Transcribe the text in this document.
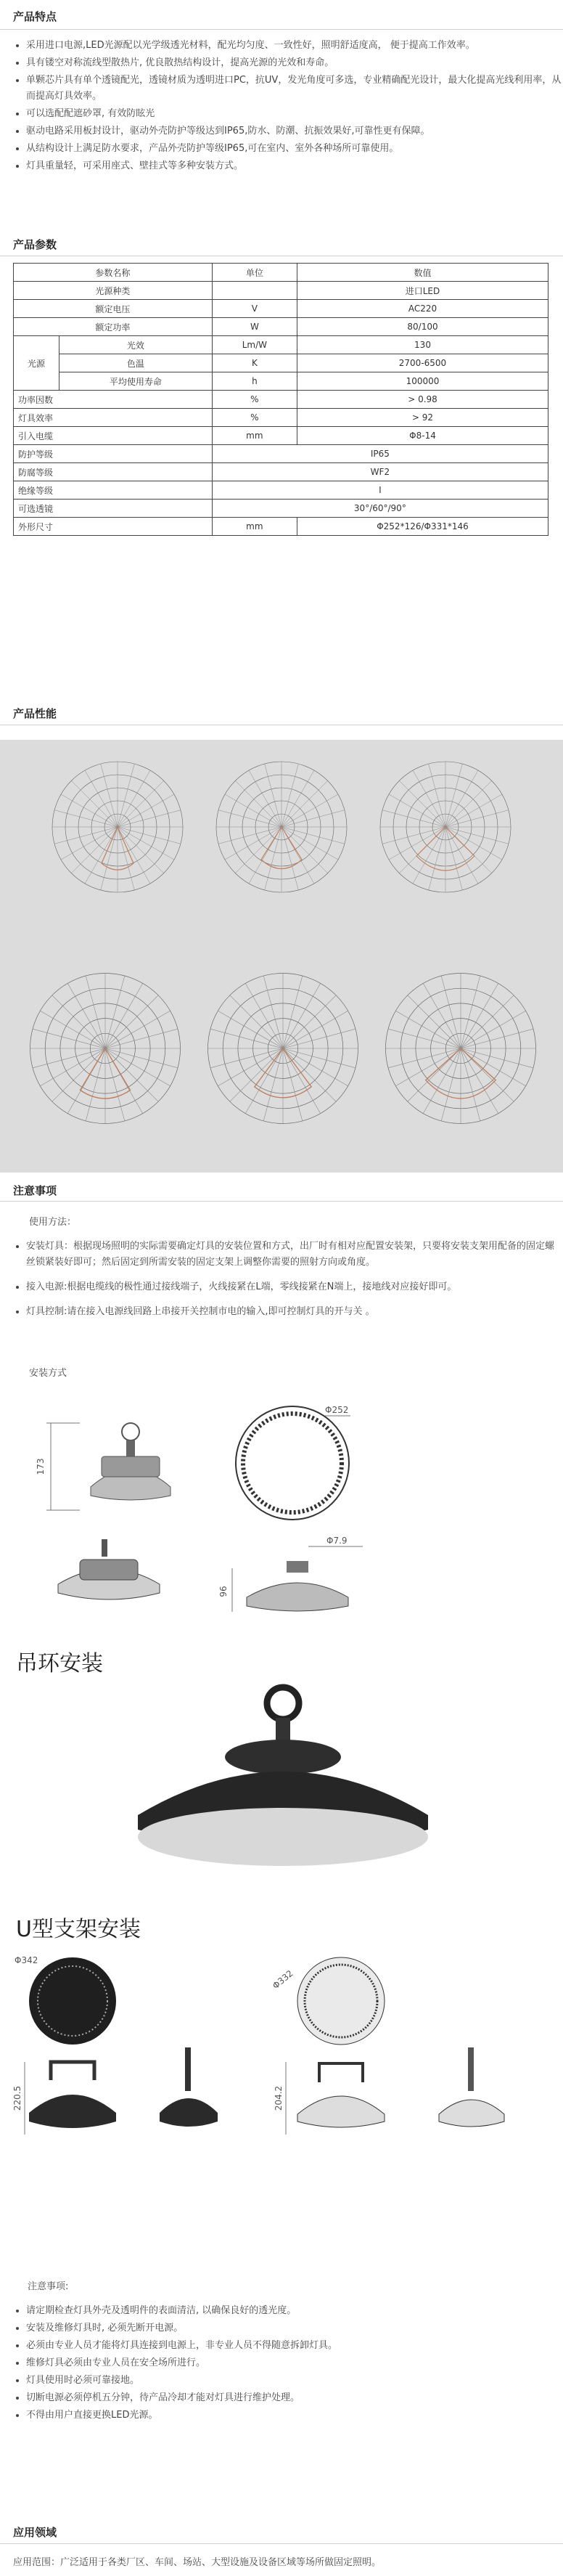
产品特点
• 采用进口电源,LED光源配以光学级透光材料，配光均匀度、一致性好，照明舒适度高， 便于提高工作效率。
• 具有镂空对称流线型散热片, 优良散热结构设计，提高光源的光效和寿命。
• 单颗芯片具有单个透镜配光，透镜材质为透明进口PC，抗UV，发光角度可多选，专业精确配光设计，最大化提高光线利用率，从而提高灯具效率。
• 可以选配配遮砂罩, 有效防眩光
• 驱动电路采用板封设计，驱动外壳防护等级达到IP65,防水、防潮、抗振效果好,可靠性更有保障。
• 从结构设计上满足防水要求，产品外壳防护等级IP65,可在室内、室外各种场所可靠使用。
• 灯具重量轻，可采用座式、壁挂式等多种安装方式。
产品参数
参数名称		单位	数值
光源种类			进口LED
额定电压		V	AC220
额定功率		W	80/100
光源	光效	Lm/W	130
	色温	K	2700-6500
	平均使用寿命	h	100000
功率因数		%	> 0.98
灯具效率		%	> 92
引入电缆		mm	Φ8-14
防护等级		IP65	
防腐等级		WF2	
绝缘等级		I	
可选透镜		30°/60°/90°	
外形尺寸		mm	Φ252*126/Φ331*146
产品性能
注意事项
使用方法：
• 安装灯具：根据现场照明的实际需要确定灯具的安装位置和方式，出厂时有相对应配置安装架，只要将安装支架用配备的固定螺丝锁紧装好即可；然后固定到所需安装的固定支架上调整你需要的照射方向或角度。
• 接入电源:根据电缆线的极性通过接线端子，火线接紧在L端，零线接紧在N端上，接地线对应接好即可。
• 灯具控制:请在接入电源线回路上串接开关控制市电的输入,即可控制灯具的开与关 。
安装方式
173
Φ252
96
Φ7.9
吊环安装
U型支架安装
Φ342
220.5
Φ332
204.2
注意事项:
• 请定期检查灯具外壳及透明件的表面清洁, 以确保良好的透光度。
• 安装及维修灯具时, 必须先断开电源。
• 必须由专业人员才能将灯具连接到电源上，非专业人员不得随意拆卸灯具。
• 维修灯具必须由专业人员在安全场所进行。
• 灯具使用时必须可靠接地。
• 切断电源必须停机五分钟，待产品冷却才能对灯具进行维护处理。
• 不得由用户直接更换LED光源。
应用领域
应用范围：广泛适用于各类厂区、车间、场站、大型设施及设备区域等场所做固定照明。
